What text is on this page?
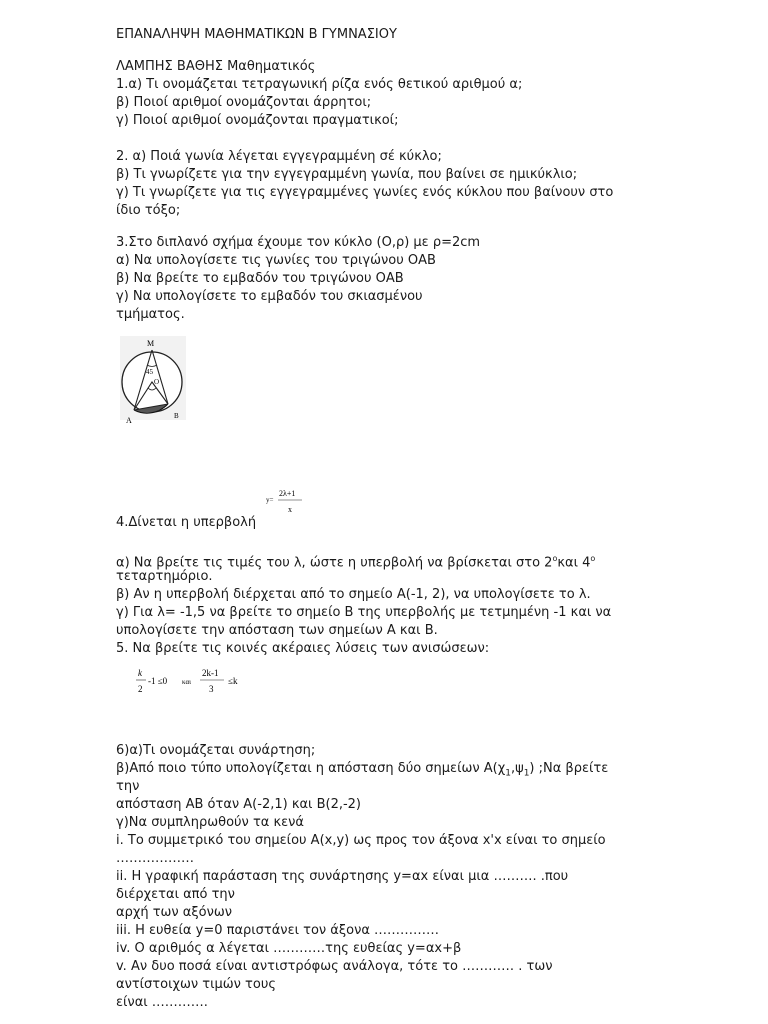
ΕΠΑΝΑΛΗΨΗ ΜΑΘΗΜΑΤΙΚΩΝ Β ΓΥΜΝΑΣΙΟΥ
ΛΑΜΠΗΣ ΒΑΘΗΣ Μαθηματικός
1.α) Τι ονομάζεται τετραγωνική ρίζα ενός θετικού αριθμού α;
β) Ποιοί αριθμοί ονομάζονται άρρητοι;
γ) Ποιοί αριθμοί ονομάζονται πραγματικοί;
2. α) Ποιά γωνία λέγεται εγγεγραμμένη σέ κύκλο;
β) Τι γνωρίζετε για την εγγεγραμμένη γωνία, που βαίνει σε ημικύκλιο;
γ) Τι γνωρίζετε για τις εγγεγραμμένες γωνίες ενός κύκλου που βαίνουν στο
ίδιο τόξο;
3.Στο διπλανό σχήμα έχουμε τον κύκλο (Ο,ρ) με ρ=2cm
α) Να υπολογίσετε τις γωνίες του τριγώνου ΟΑΒ
β) Να βρείτε το εμβαδόν του τριγώνου ΟΑΒ
γ) Να υπολογίσετε το εμβαδόν του σκιασμένου
τμήματος.
M
45
O
A	B
y=
2λ+1
x
4.Δίνεται η υπερβολή
α) Να βρείτε τις τιμές του λ, ώστε η υπερβολή να βρίσκεται στο $2^o\kappa\alpha\iota$ $4^o$
τεταρτημόριο.
β) Αν η υπερβολή διέρχεται από το σημείο Α(-1, 2), να υπολογίσετε το λ.
γ) Για λ= -1,5 να βρείτε το σημείο Β της υπερβολής με τετμημένη -1 και να
υπολογίσετε την απόσταση των σημείων Α και Β.
5. Να βρείτε τις κοινές ακέραιες λύσεις των ανισώσεων:
k
2
-1 ≤0 και
2k-1
3
≤k
6)α)Τι ονομάζεται συνάρτηση;
β)Από ποιο τύπο υπολογίζεται η απόσταση δύο σημείων $A(\chi_1,\psi_1)$ ;Να βρείτε
την
απόσταση ΑΒ όταν Α(-2,1) και Β(2,-2)
γ)Να συμπληρωθούν τα κενά
i. Το συμμετρικό του σημείου Α(x,y) ως προς τον άξονα x'x είναι το σημείο
………………
ii. Η γραφική παράσταση της συνάρτησης y=αx είναι μια ………. .που
διέρχεται από την
αρχή των αξόνων
iii. Η ευθεία y=0 παριστάνει τον άξονα ……………
iv. Ο αριθμός α λέγεται …………της ευθείας y=αx+β
v. Αν δυο ποσά είναι αντιστρόφως ανάλογα, τότε το ………… . των
αντίστοιχων τιμών τους
είναι ………….
